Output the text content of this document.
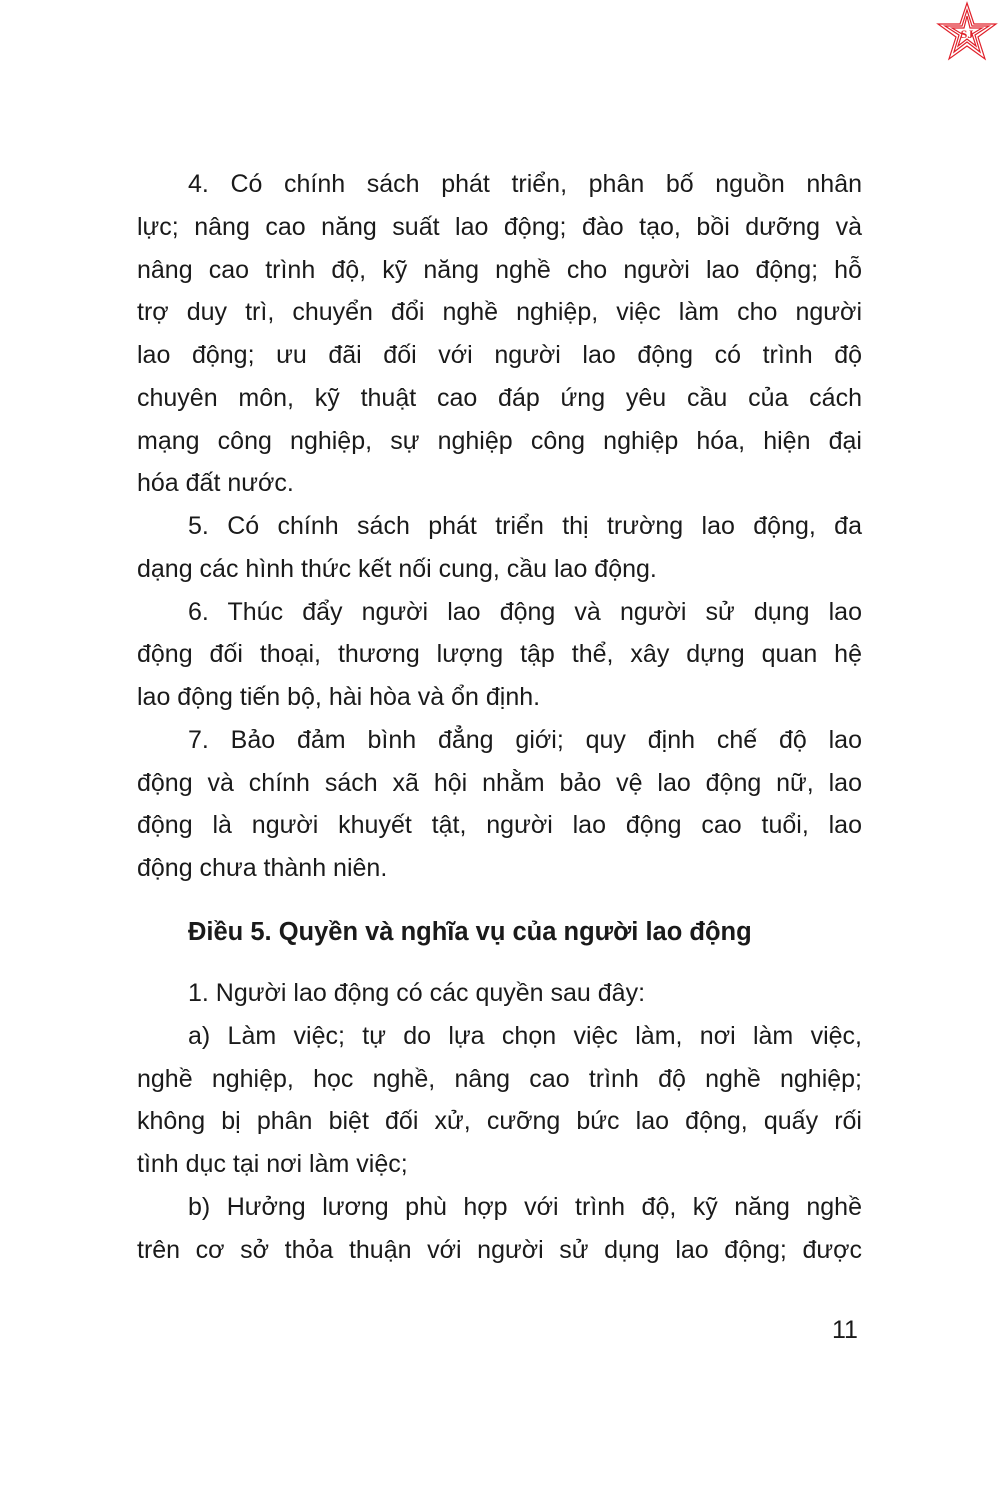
SJ
4. Có chính sách phát triển, phân bố nguồn nhân
lực; nâng cao năng suất lao động; đào tạo, bồi dưỡng và
nâng cao trình độ, kỹ năng nghề cho người lao động; hỗ
trợ duy trì, chuyển đổi nghề nghiệp, việc làm cho người
lao động; ưu đãi đối với người lao động có trình độ
chuyên môn, kỹ thuật cao đáp ứng yêu cầu của cách
mạng công nghiệp, sự nghiệp công nghiệp hóa, hiện đại
hóa đất nước.
5. Có chính sách phát triển thị trường lao động, đa
dạng các hình thức kết nối cung, cầu lao động.
6. Thúc đẩy người lao động và người sử dụng lao
động đối thoại, thương lượng tập thể, xây dựng quan hệ
lao động tiến bộ, hài hòa và ổn định.
7. Bảo đảm bình đẳng giới; quy định chế độ lao
động và chính sách xã hội nhằm bảo vệ lao động nữ, lao
động là người khuyết tật, người lao động cao tuổi, lao
động chưa thành niên.
Điều 5. Quyền và nghĩa vụ của người lao động
1. Người lao động có các quyền sau đây:
a) Làm việc; tự do lựa chọn việc làm, nơi làm việc,
nghề nghiệp, học nghề, nâng cao trình độ nghề nghiệp;
không bị phân biệt đối xử, cưỡng bức lao động, quấy rối
tình dục tại nơi làm việc;
b) Hưởng lương phù hợp với trình độ, kỹ năng nghề
trên cơ sở thỏa thuận với người sử dụng lao động; được
11
